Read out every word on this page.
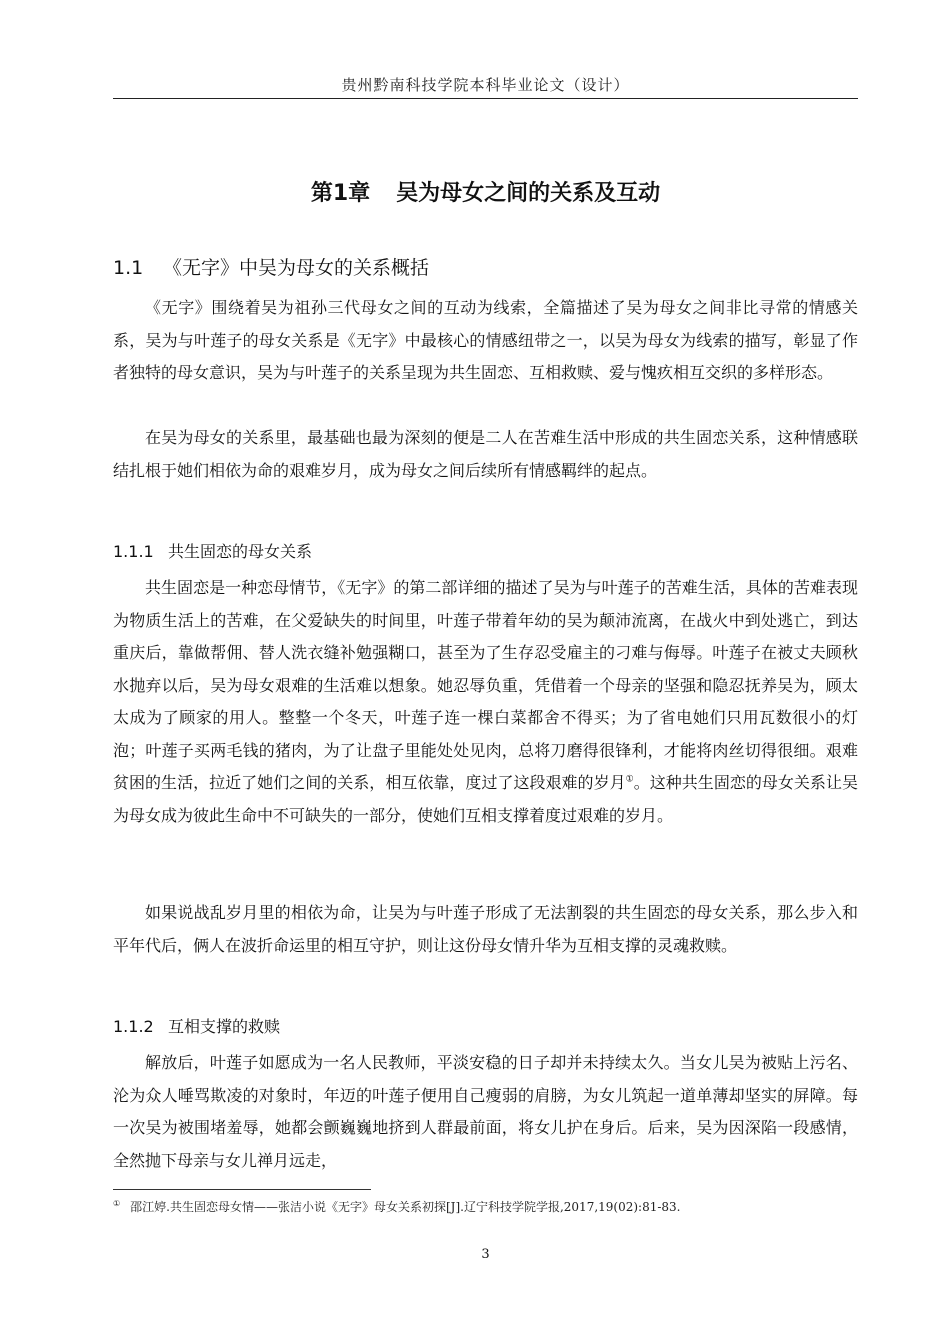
贵州黔南科技学院本科毕业论文（设计）
第1章 吴为母女之间的关系及互动
1.1 《无字》中吴为母女的关系概括

《无字》围绕着吴为祖孙三代母女之间的互动为线索，全篇描述了吴为母女之间非比寻常的情感关系，吴为与叶莲子的母女关系是《无字》中最核心的情感纽带之一，以吴为母女为线索的描写，彰显了作者独特的母女意识，吴为与叶莲子的关系呈现为共生固恋、互相救赎、爱与愧疚相互交织的多样形态。

在吴为母女的关系里，最基础也最为深刻的便是二人在苦难生活中形成的共生固恋关系，这种情感联结扎根于她们相依为命的艰难岁月，成为母女之间后续所有情感羁绊的起点。

1.1.1 共生固恋的母女关系

共生固恋是一种恋母情节，《无字》的第二部详细的描述了吴为与叶莲子的苦难生活，具体的苦难表现为物质生活上的苦难，在父爱缺失的时间里，叶莲子带着年幼的吴为颠沛流离，在战火中到处逃亡，到达重庆后，靠做帮佣、替人洗衣缝补勉强糊口，甚至为了生存忍受雇主的刁难与侮辱。叶莲子在被丈夫顾秋水抛弃以后，吴为母女艰难的生活难以想象。她忍辱负重，凭借着一个母亲的坚强和隐忍抚养吴为，顾太太成为了顾家的用人。整整一个冬天，叶莲子连一棵白菜都舍不得买；为了省电她们只用瓦数很小的灯泡；叶莲子买两毛钱的猪肉，为了让盘子里能处处见肉，总将刀磨得很锋利，才能将肉丝切得很细。艰难贫困的生活，拉近了她们之间的关系，相互依靠，度过了这段艰难的岁月①。这种共生固恋的母女关系让吴为母女成为彼此生命中不可缺失的一部分，使她们互相支撑着度过艰难的岁月。

如果说战乱岁月里的相依为命，让吴为与叶莲子形成了无法割裂的共生固恋的母女关系，那么步入和平年代后，俩人在波折命运里的相互守护，则让这份母女情升华为互相支撑的灵魂救赎。

1.1.2 互相支撑的救赎

解放后，叶莲子如愿成为一名人民教师，平淡安稳的日子却并未持续太久。当女儿吴为被贴上污名、沦为众人唾骂欺凌的对象时，年迈的叶莲子便用自己瘦弱的肩膀，为女儿筑起一道单薄却坚实的屏障。每一次吴为被围堵羞辱，她都会颤巍巍地挤到人群最前面，将女儿护在身后。后来，吴为因深陷一段感情，全然抛下母亲与女儿禅月远走，

① 邵江婷.共生固恋母女情——张洁小说《无字》母女关系初探[J].辽宁科技学院学报,2017,19(02):81-83.
3
